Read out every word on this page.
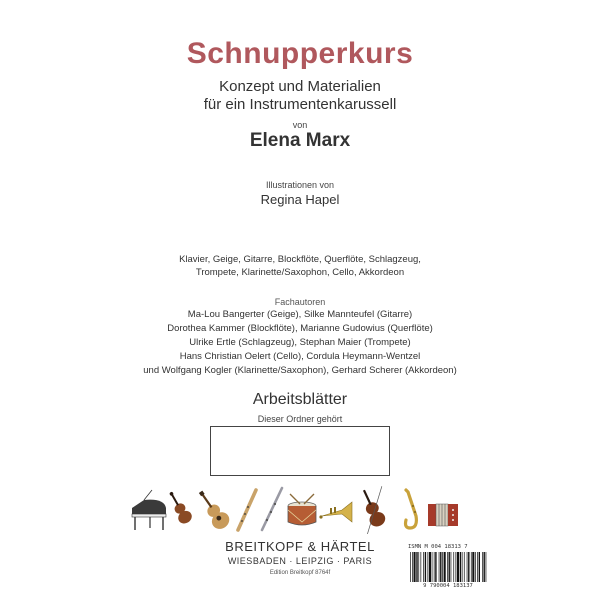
Schnupperkurs
Konzept und Materialien
für ein Instrumentenkarussell
von
Elena Marx
Illustrationen von
Regina Hapel
Klavier, Geige, Gitarre, Blockflöte, Querflöte, Schlagzeug,
Trompete, Klarinette/Saxophon, Cello, Akkordeon
Fachautoren
Ma-Lou Bangerter (Geige), Silke Mannteufel (Gitarre)
Dorothea Kammer (Blockflöte), Marianne Gudowius (Querflöte)
Ulrike Ertle (Schlagzeug), Stephan Maier (Trompete)
Hans Christian Oelert (Cello), Cordula Heymann-Wentzel
und Wolfgang Kogler (Klarinette/Saxophon), Gerhard Scherer (Akkordeon)
Arbeitsblätter
Dieser Ordner gehört
BREITKOPF & HÄRTEL
WIESBADEN · LEIPZIG · PARIS
Edition Breitkopf 8764f
ISMN M 004 18313 7
9 790004 183137
